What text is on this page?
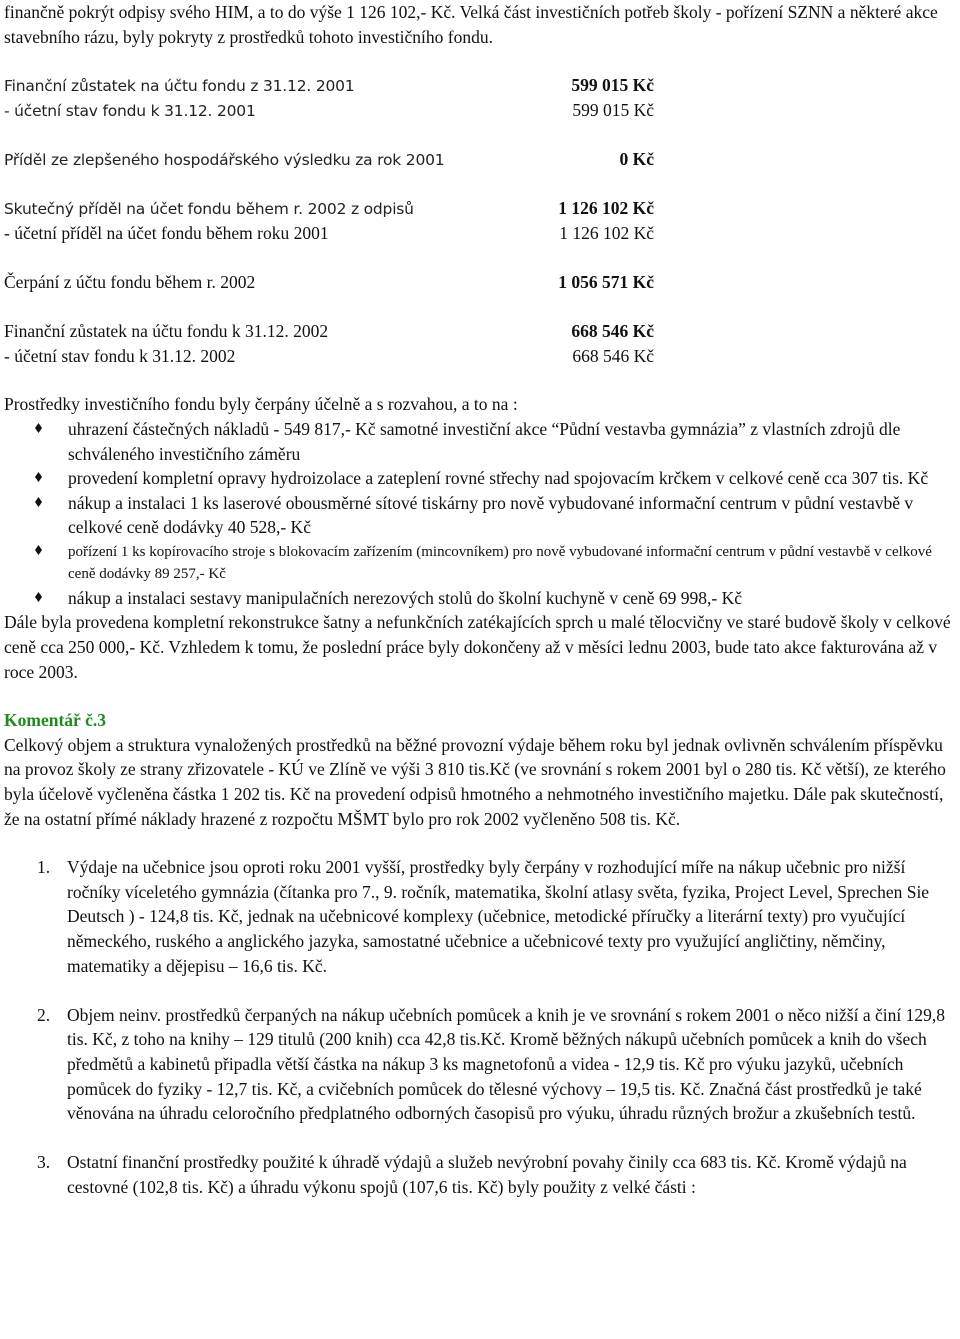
finančně pokrýt odpisy svého HIM, a to do výše 1 126 102,- Kč. Velká část investičních potřeb školy - pořízení SZNN a některé akce stavebního rázu, byly pokryty z prostředků tohoto investičního fondu.

Finanční zůstatek na účtu fondu z 31.12. 2001	599 015 Kč
- účetní stav fondu k 31.12. 2001	599 015 Kč
Příděl ze zlepšeného hospodářského výsledku za rok 2001	0 Kč
Skutečný příděl na účet fondu během r. 2002 z odpisů	1 126 102 Kč
- účetní příděl na účet fondu během roku 2001	1 126 102 Kč
Čerpání z účtu fondu během r. 2002	1 056 571 Kč
Finanční zůstatek na účtu fondu k 31.12. 2002	668 546 Kč
- účetní stav fondu k 31.12. 2002	668 546 Kč

Prostředky investičního fondu byly čerpány účelně a s rozvahou, a to na :

uhrazení částečných nákladů - 549 817,- Kč samotné investiční akce “Půdní vestavba gymnázia” z vlastních zdrojů dle schváleného investičního záměru
provedení kompletní opravy hydroizolace a zateplení rovné střechy nad spojovacím krčkem v celkové ceně cca 307 tis. Kč
nákup a instalaci 1 ks laserové obousměrné sítové tiskárny pro nově vybudované informační centrum v půdní vestavbě v celkové ceně dodávky 40 528,- Kč
pořízení 1 ks kopírovacího stroje s blokovacím zařízením (mincovníkem) pro nově vybudované informační centrum v půdní vestavbě v celkové ceně dodávky 89 257,- Kč
nákup a instalaci sestavy manipulačních nerezových stolů do školní kuchyně v ceně 69 998,- Kč

Dále byla provedena kompletní rekonstrukce šatny a nefunkčních zatékajících sprch u malé tělocvičny ve staré budově školy v celkové ceně cca 250 000,- Kč. Vzhledem k tomu, že poslední práce byly dokončeny až v měsíci lednu 2003, bude tato akce fakturována až v roce 2003.

Komentář č.3

Celkový objem a struktura vynaložených prostředků na běžné provozní výdaje během roku byl jednak ovlivněn schválením příspěvku na provoz školy ze strany zřizovatele - KÚ ve Zlíně ve výši 3 810 tis.Kč (ve srovnání s rokem 2001 byl o 280 tis. Kč větší), ze kterého byla účelově vyčleněna částka 1 202 tis. Kč na provedení odpisů hmotného a nehmotného investičního majetku. Dále pak skutečností, že na ostatní přímé náklady hrazené z rozpočtu MŠMT bylo pro rok 2002 vyčleněno 508 tis. Kč.

1. Výdaje na učebnice jsou oproti roku 2001 vyšší, prostředky byly čerpány v rozhodující míře na nákup učebnic pro nižší ročníky víceletého gymnázia (čítanka pro 7., 9. ročník, matematika, školní atlasy světa, fyzika, Project Level, Sprechen Sie Deutsch ) - 124,8 tis. Kč, jednak na učebnicové komplexy (učebnice, metodické příručky a literární texty) pro vyučující německého, ruského a anglického jazyka, samostatné učebnice a učebnicové texty pro využující angličtiny, němčiny, matematiky a dějepisu – 16,6 tis. Kč.
2. Objem neinv. prostředků čerpaných na nákup učebních pomůcek a knih je ve srovnání s rokem 2001 o něco nižší a činí 129,8 tis. Kč, z toho na knihy – 129 titulů (200 knih) cca 42,8 tis.Kč. Kromě běžných nákupů učebních pomůcek a knih do všech předmětů a kabinetů připadla větší částka na nákup 3 ks magnetofonů a videa - 12,9 tis. Kč pro výuku jazyků, učebních pomůcek do fyziky - 12,7 tis. Kč, a cvičebních pomůcek do tělesné výchovy – 19,5 tis. Kč. Značná část prostředků je také věnována na úhradu celoročního předplatného odborných časopisů pro výuku, úhradu různých brožur a zkušebních testů.
3. Ostatní finanční prostředky použité k úhradě výdajů a služeb nevýrobní povahy činily cca 683 tis. Kč. Kromě výdajů na cestovné (102,8 tis. Kč) a úhradu výkonu spojů (107,6 tis. Kč) byly použity z velké části :
